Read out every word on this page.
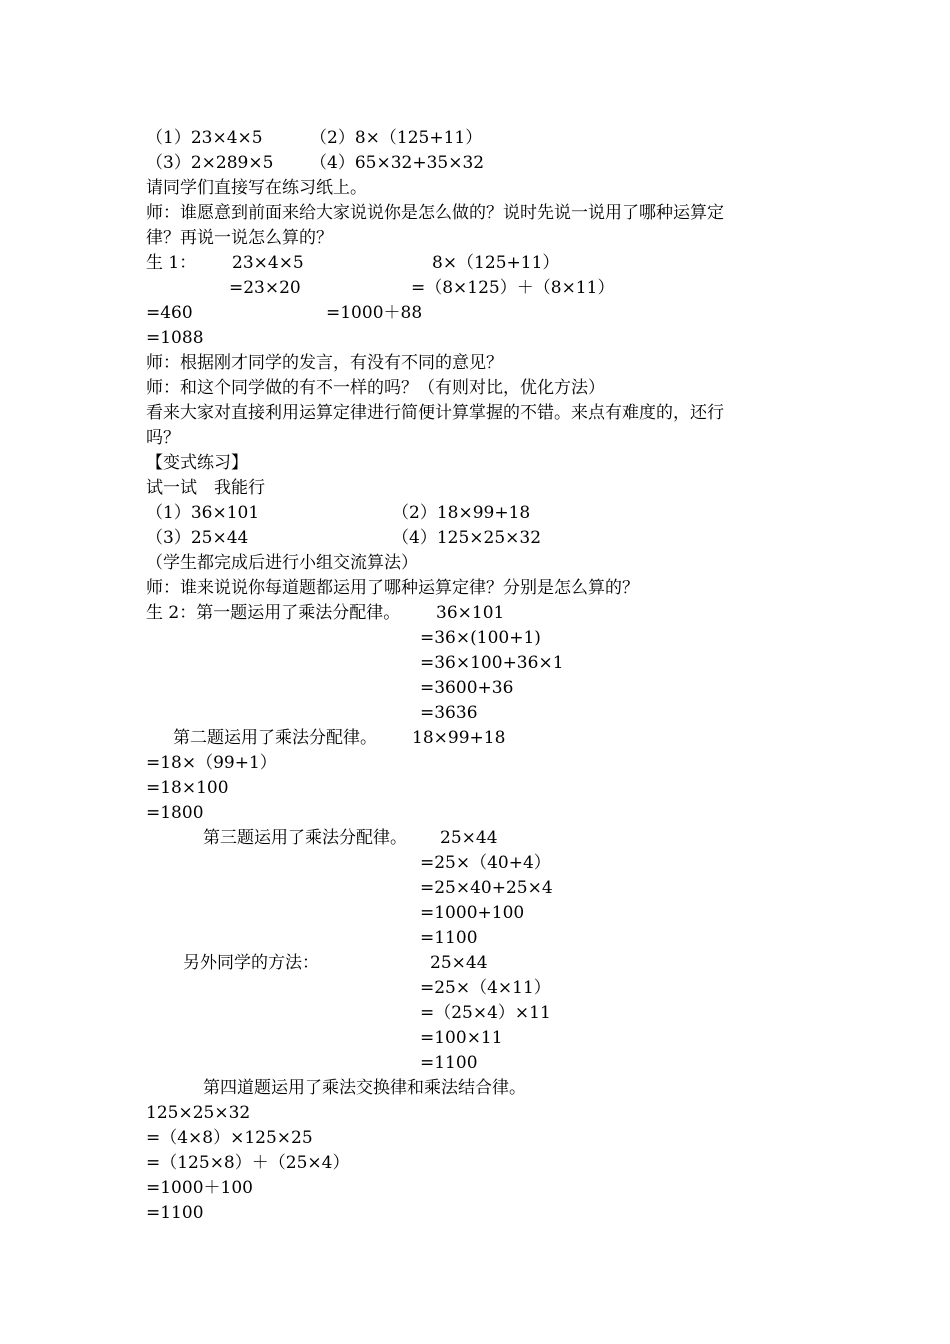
（1）23×4×5	（2）8×（125+11）
（3）2×289×5 （4）65×32+35×32
请同学们直接写在练习纸上。
师：谁愿意到前面来给大家说说你是怎么做的？说时先说一说用了哪种运算定
律？再说一说怎么算的？
生 1： 23×4×5	8×（125+11）
=23×20	=（8×125）＋（8×11）
=460	=1000＋88
=1088
师：根据刚才同学的发言，有没有不同的意见？
师：和这个同学做的有不一样的吗？（有则对比，优化方法）
看来大家对直接利用运算定律进行简便计算掌握的不错。来点有难度的，还行
吗？
【变式练习】
试一试　我能行
（1）36×101	（2）18×99+18
（3）25×44	（4）125×25×32
（学生都完成后进行小组交流算法）
师：谁来说说你每道题都运用了哪种运算定律？分别是怎么算的？
生 2：第一题运用了乘法分配律。 36×101
=36×(100+1)
=36×100+36×1
=3600+36
=3636
第二题运用了乘法分配律。 18×99+18
=18×（99+1）
=18×100
=1800
第三题运用了乘法分配律。 25×44
=25×（40+4）
=25×40+25×4
=1000+100
=1100
另外同学的方法：	25×44
=25×（4×11）
=（25×4）×11
=100×11
=1100
第四道题运用了乘法交换律和乘法结合律。
125×25×32
=（4×8）×125×25
=（125×8）＋（25×4）
=1000＋100
=1100
